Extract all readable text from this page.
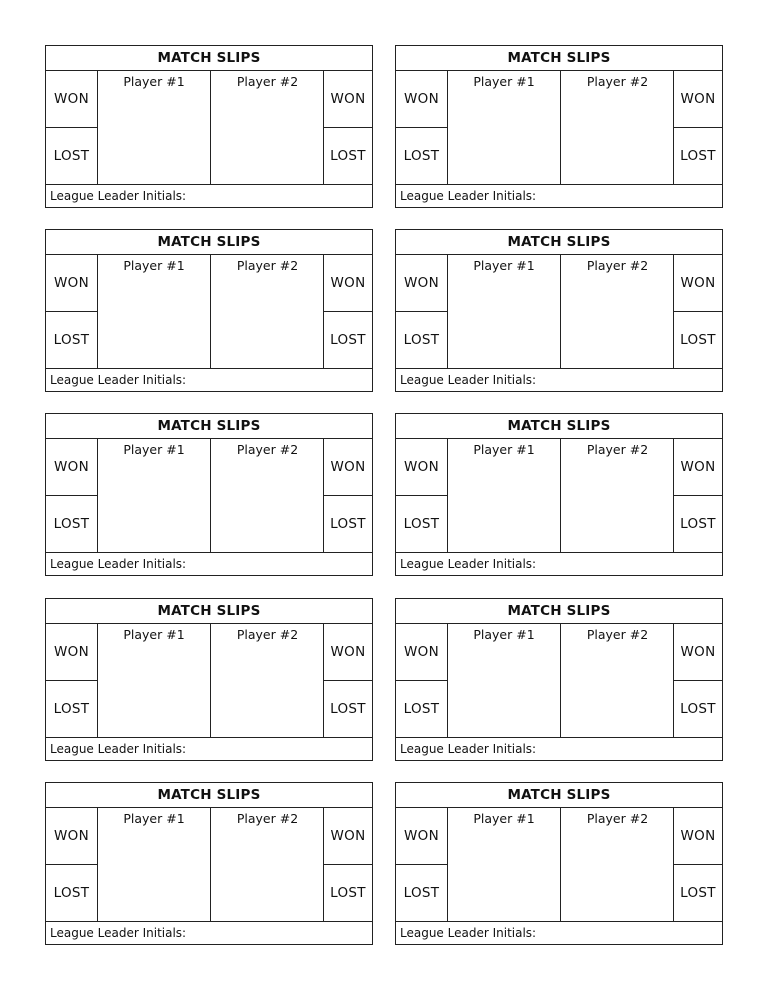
MATCH SLIPS
WON
LOST
Player #1	Player #2
WON
LOST
League Leader Initials:
MATCH SLIPS
WON
LOST
Player #1	Player #2
WON
LOST
League Leader Initials:
MATCH SLIPS
WON
LOST
Player #1	Player #2
WON
LOST
League Leader Initials:
MATCH SLIPS
WON
LOST
Player #1	Player #2
WON
LOST
League Leader Initials:
MATCH SLIPS
WON
LOST
Player #1	Player #2
WON
LOST
League Leader Initials:
MATCH SLIPS
WON
LOST
Player #1	Player #2
WON
LOST
League Leader Initials:
MATCH SLIPS
WON
LOST
Player #1	Player #2
WON
LOST
League Leader Initials:
MATCH SLIPS
WON
LOST
Player #1	Player #2
WON
LOST
League Leader Initials:
MATCH SLIPS
WON
LOST
Player #1	Player #2
WON
LOST
League Leader Initials:
MATCH SLIPS
WON
LOST
Player #1	Player #2
WON
LOST
League Leader Initials:
